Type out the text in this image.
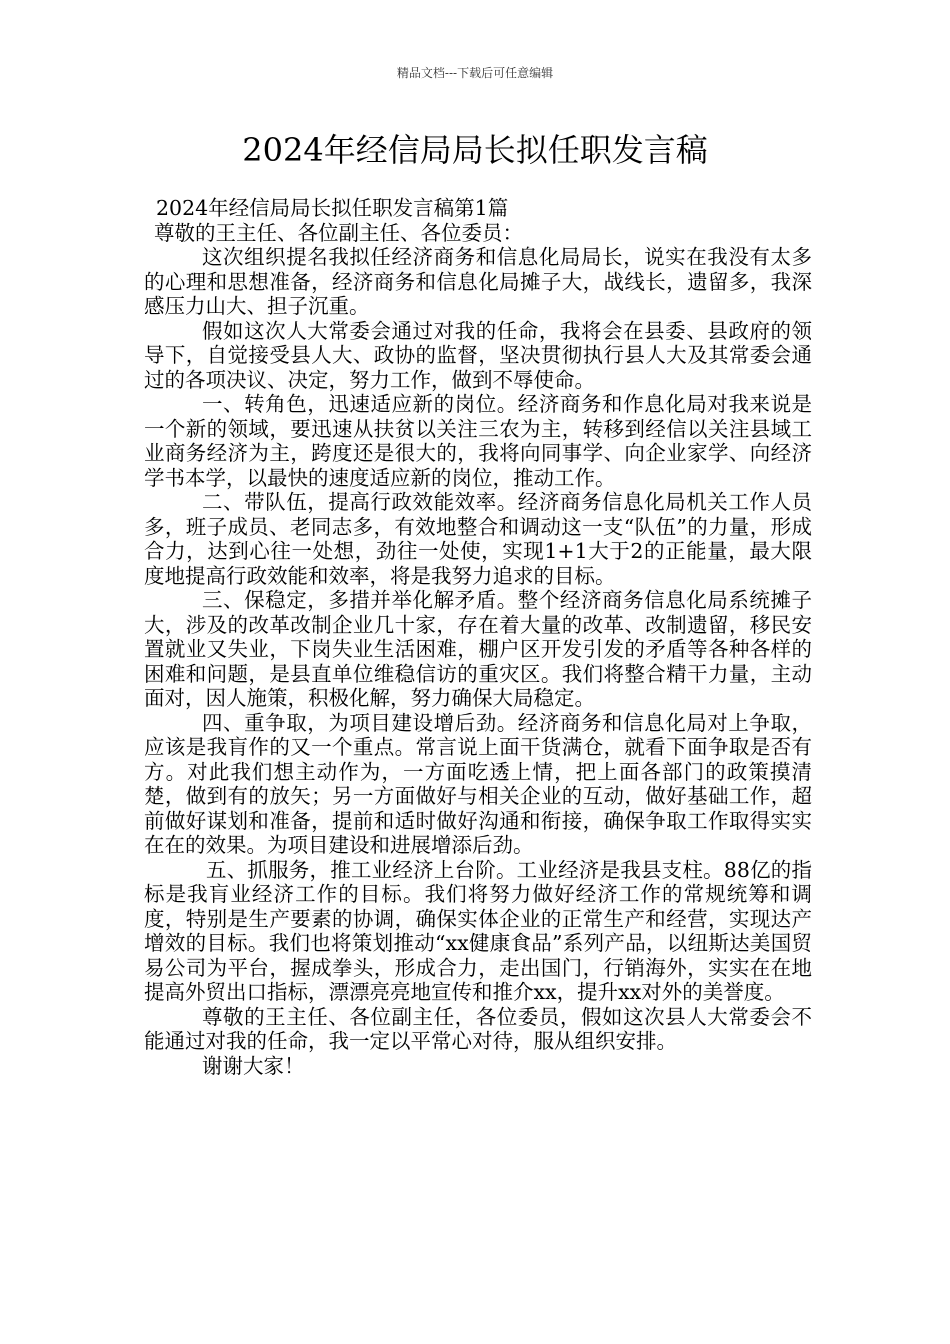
精品文档---下载后可任意编辑
2024年经信局局长拟任职发言稿

2024年经信局局长拟任职发言稿第1篇

尊敬的王主任、各位副主任、各位委员：

这次组织提名我拟任经济商务和信息化局局长，说实在我没有太多的心理和思想准备，经济商务和信息化局摊子大，战线长，遗留多，我深感压力山大、担子沉重。

假如这次人大常委会通过对我的任命，我将会在县委、县政府的领导下，自觉接受县人大、政协的监督，坚决贯彻执行县人大及其常委会通过的各项决议、决定，努力工作，做到不辱使命。

一、转角色，迅速适应新的岗位。经济商务和作息化局对我来说是一个新的领域，要迅速从扶贫以关注三农为主，转移到经信以关注县域工业商务经济为主，跨度还是很大的，我将向同事学、向企业家学、向经济学书本学，以最快的速度适应新的岗位，推动工作。

二、带队伍，提高行政效能效率。经济商务信息化局机关工作人员多，班子成员、老同志多，有效地整合和调动这一支“队伍”的力量，形成合力，达到心往一处想，劲往一处使，实现1+1大于2的正能量，最大限度地提高行政效能和效率，将是我努力追求的目标。

三、保稳定，多措并举化解矛盾。整个经济商务信息化局系统摊子大，涉及的改革改制企业几十家，存在着大量的改革、改制遗留，移民安置就业又失业，下岗失业生活困难，棚户区开发引发的矛盾等各种各样的困难和问题，是县直单位维稳信访的重灾区。我们将整合精干力量，主动面对，因人施策，积极化解，努力确保大局稳定。

四、重争取，为项目建设增后劲。经济商务和信息化局对上争取，应该是我肓作的又一个重点。常言说上面干货满仓，就看下面争取是否有方。对此我们想主动作为，一方面吃透上情，把上面各部门的政策摸清楚，做到有的放矢；另一方面做好与相关企业的互动，做好基础工作，超前做好谋划和准备，提前和适时做好沟通和衔接，确保争取工作取得实实在在的效果。为项目建设和进展增添后劲。

五、抓服务，推工业经济上台阶。工业经济是我县支柱。88亿的指标是我肓业经济工作的目标。我们将努力做好经济工作的常规统筹和调度，特别是生产要素的协调，确保实体企业的正常生产和经营，实现达产增效的目标。我们也将策划推动“xx健康食品”系列产品，以纽斯达美国贸易公司为平台，握成拳头，形成合力，走出国门，行销海外，实实在在地提高外贸出口指标，漂漂亮亮地宣传和推介xx，提升xx对外的美誉度。

尊敬的王主任、各位副主任，各位委员，假如这次县人大常委会不能通过对我的任命，我一定以平常心对待，服从组织安排。

谢谢大家！
